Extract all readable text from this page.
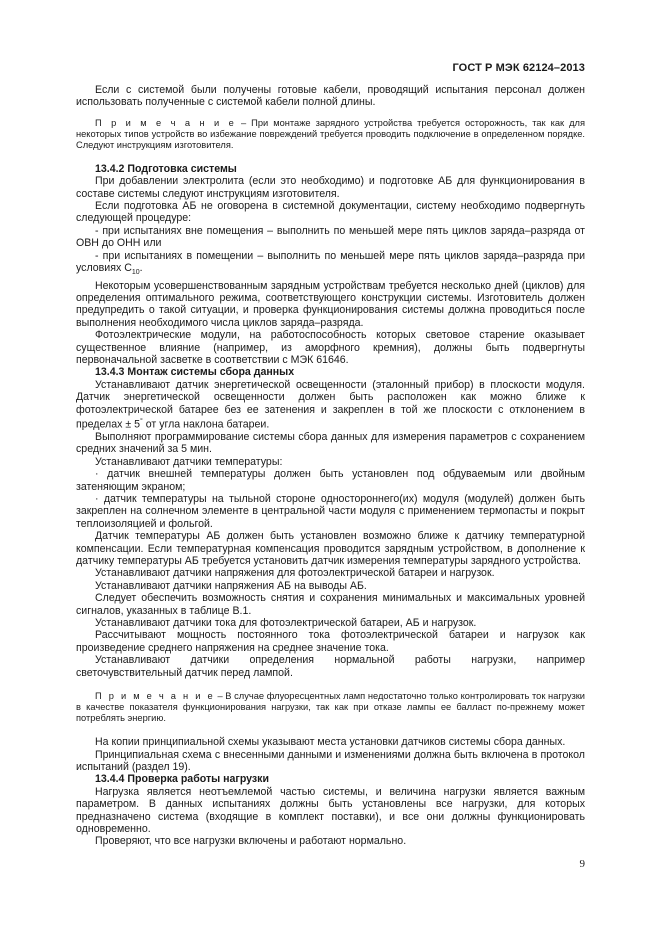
ГОСТ Р МЭК 62124–2013

Если с системой были получены готовые кабели, проводящий испытания персонал должен использовать полученные с системой кабели полной длины.

П р и м е ч а н и е – При монтаже зарядного устройства требуется осторожность, так как для некоторых типов устройств во избежание повреждений требуется проводить подключение в определенном порядке. Следуют инструкциям изготовителя.

13.4.2 Подготовка системы

При добавлении электролита (если это необходимо) и подготовке АБ для функционирования в составе системы следуют инструкциям изготовителя.

Если подготовка АБ не оговорена в системной документации, систему необходимо подвергнуть следующей процедуре:

- при испытаниях вне помещения – выполнить по меньшей мере пять циклов заряда–разряда от ОВН до ОНН или

- при испытаниях в помещении – выполнить по меньшей мере пять циклов заряда–разряда при условиях $C_{10}$.

Некоторым усовершенствованным зарядным устройствам требуется несколько дней (циклов) для определения оптимального режима, соответствующего конструкции системы. Изготовитель должен предупредить о такой ситуации, и проверка функционирования системы должна проводиться после выполнения необходимого числа циклов заряда–разряда.

Фотоэлектрические модули, на работоспособность которых световое старение оказывает существенное влияние (например, из аморфного кремния), должны быть подвергнуты первоначальной засветке в соответствии с МЭК 61646.

13.4.3 Монтаж системы сбора данных

Устанавливают датчик энергетической освещенности (эталонный прибор) в плоскости модуля. Датчик энергетической освещенности должен быть расположен как можно ближе к фотоэлектрической батарее без ее затенения и закреплен в той же плоскости с отклонением в пределах ± 5° от угла наклона батареи.

Выполняют программирование системы сбора данных для измерения параметров с сохранением средних значений за 5 мин.

Устанавливают датчики температуры:

· датчик внешней температуры должен быть установлен под обдуваемым или двойным затеняющим экраном;

· датчик температуры на тыльной стороне одностороннего(их) модуля (модулей) должен быть закреплен на солнечном элементе в центральной части модуля с применением термопасты и покрыт теплоизоляцией и фольгой.

Датчик температуры АБ должен быть установлен возможно ближе к датчику температурной компенсации. Если температурная компенсация проводится зарядным устройством, в дополнение к датчику температуры АБ требуется установить датчик измерения температуры зарядного устройства.

Устанавливают датчики напряжения для фотоэлектрической батареи и нагрузок.

Устанавливают датчики напряжения АБ на выводы АБ.

Следует обеспечить возможность снятия и сохранения минимальных и максимальных уровней сигналов, указанных в таблице В.1.

Устанавливают датчики тока для фотоэлектрической батареи, АБ и нагрузок.

Рассчитывают мощность постоянного тока фотоэлектрической батареи и нагрузок как произведение среднего напряжения на среднее значение тока.

Устанавливают датчики определения нормальной работы нагрузки, например светочувствительный датчик перед лампой.

П р и м е ч а н и е – В случае флуоресцентных ламп недостаточно только контролировать ток нагрузки в качестве показателя функционирования нагрузки, так как при отказе лампы ее балласт по-прежнему может потреблять энергию.

На копии принципиальной схемы указывают места установки датчиков системы сбора данных.

Принципиальная схема с внесенными данными и изменениями должна быть включена в протокол испытаний (раздел 19).

13.4.4 Проверка работы нагрузки

Нагрузка является неотъемлемой частью системы, и величина нагрузки является важным параметром. В данных испытаниях должны быть установлены все нагрузки, для которых предназначено система (входящие в комплект поставки), и все они должны функционировать одновременно.

Проверяют, что все нагрузки включены и работают нормально.

9
